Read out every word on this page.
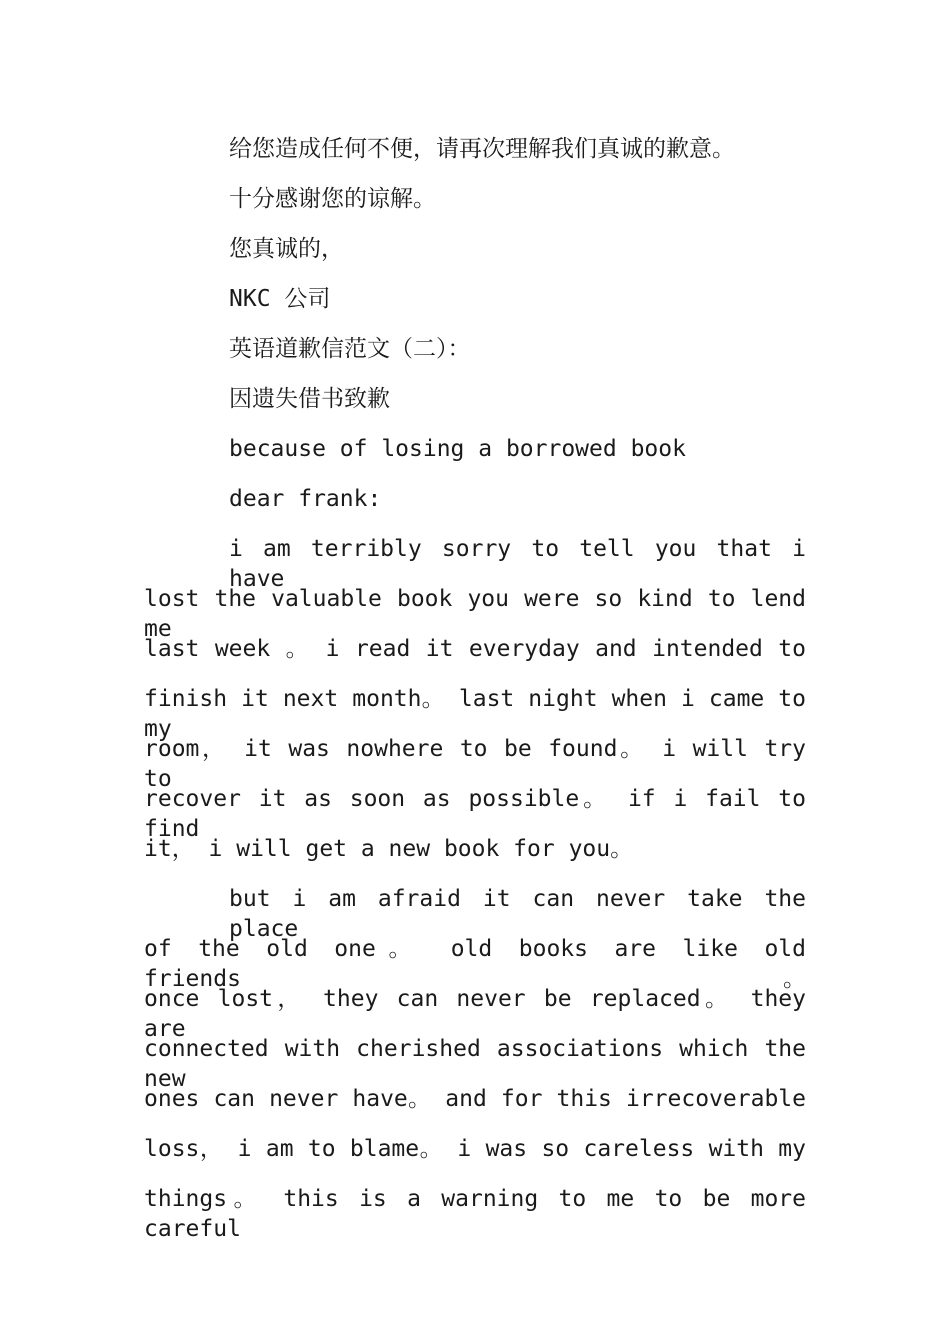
给您造成任何不便，请再次理解我们真诚的歉意。
十分感谢您的谅解。
您真诚的，
NKC 公司
英语道歉信范文（二）：
因遗失借书致歉
because of losing a borrowed book
dear frank:
i am terribly sorry to tell you that i have
lost the valuable book you were so kind to lend me
last week 。 i read it everyday and intended to
finish it next month。 last night when i came to my
room， it was nowhere to be found。 i will try to
recover it as soon as possible。 if i fail to find
it， i will get a new book for you。
but i am afraid it can never take the place
of the old one。 old books are like old friends。
once lost， they can never be replaced。 they are
connected with cherished associations which the new
ones can never have。 and for this irrecoverable
loss， i am to blame。 i was so careless with my
things。 this is a warning to me to be more careful
